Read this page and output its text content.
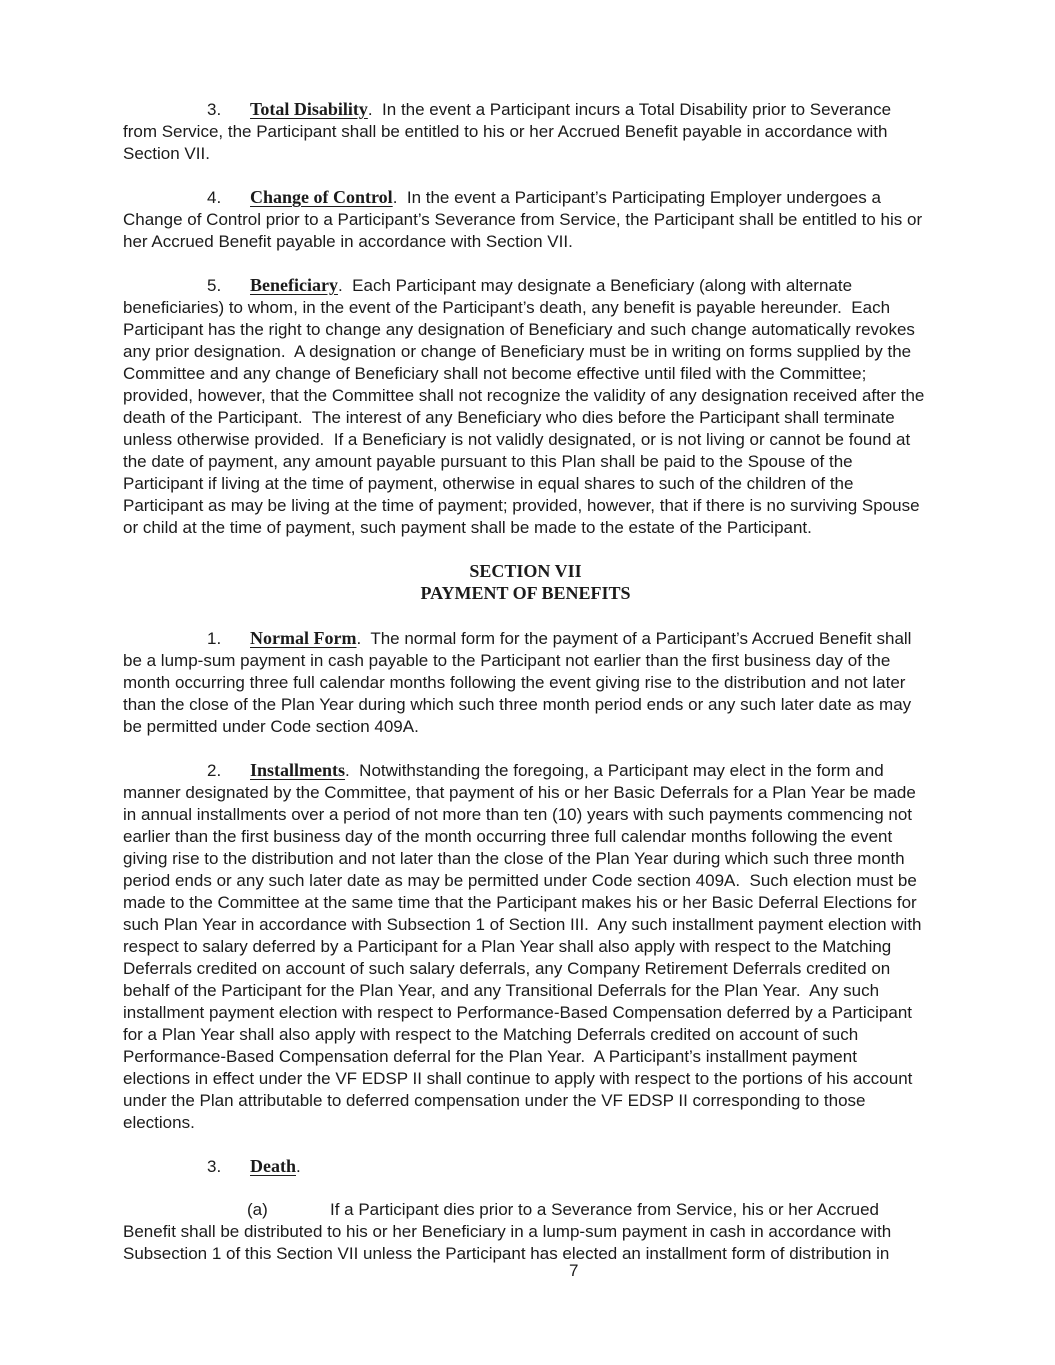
3. Total Disability.  In the event a Participant incurs a Total Disability prior to Severance from Service, the Participant shall be entitled to his or her Accrued Benefit payable in accordance with Section VII.

4. Change of Control.  In the event a Participant’s Participating Employer undergoes a Change of Control prior to a Participant’s Severance from Service, the Participant shall be entitled to his or her Accrued Benefit payable in accordance with Section VII.

5. Beneficiary.  Each Participant may designate a Beneficiary (along with alternate beneficiaries) to whom, in the event of the Participant’s death, any benefit is payable hereunder.  Each Participant has the right to change any designation of Beneficiary and such change automatically revokes any prior designation.  A designation or change of Beneficiary must be in writing on forms supplied by the Committee and any change of Beneficiary shall not become effective until filed with the Committee; provided, however, that the Committee shall not recognize the validity of any designation received after the death of the Participant.  The interest of any Beneficiary who dies before the Participant shall terminate unless otherwise provided.  If a Beneficiary is not validly designated, or is not living or cannot be found at the date of payment, any amount payable pursuant to this Plan shall be paid to the Spouse of the Participant if living at the time of payment, otherwise in equal shares to such of the children of the Participant as may be living at the time of payment; provided, however, that if there is no surviving Spouse or child at the time of payment, such payment shall be made to the estate of the Participant.

SECTION VII
PAYMENT OF BENEFITS

1. Normal Form.  The normal form for the payment of a Participant’s Accrued Benefit shall be a lump-sum payment in cash payable to the Participant not earlier than the first business day of the month occurring three full calendar months following the event giving rise to the distribution and not later than the close of the Plan Year during which such three month period ends or any such later date as may be permitted under Code section 409A.

2. Installments.  Notwithstanding the foregoing, a Participant may elect in the form and manner designated by the Committee, that payment of his or her Basic Deferrals for a Plan Year be made in annual installments over a period of not more than ten (10) years with such payments commencing not earlier than the first business day of the month occurring three full calendar months following the event giving rise to the distribution and not later than the close of the Plan Year during which such three month period ends or any such later date as may be permitted under Code section 409A.  Such election must be made to the Committee at the same time that the Participant makes his or her Basic Deferral Elections for such Plan Year in accordance with Subsection 1 of Section III.  Any such installment payment election with respect to salary deferred by a Participant for a Plan Year shall also apply with respect to the Matching Deferrals credited on account of such salary deferrals, any Company Retirement Deferrals credited on behalf of the Participant for the Plan Year, and any Transitional Deferrals for the Plan Year.  Any such installment payment election with respect to Performance-Based Compensation deferred by a Participant for a Plan Year shall also apply with respect to the Matching Deferrals credited on account of such Performance-Based Compensation deferral for the Plan Year.  A Participant’s installment payment elections in effect under the VF EDSP II shall continue to apply with respect to the portions of his account under the Plan attributable to deferred compensation under the VF EDSP II corresponding to those elections.

3. Death.

(a)	If a Participant dies prior to a Severance from Service, his or her Accrued Benefit shall be distributed to his or her Beneficiary in a lump-sum payment in cash in accordance with Subsection 1 of this Section VII unless the Participant has elected an installment form of distribution in

7
